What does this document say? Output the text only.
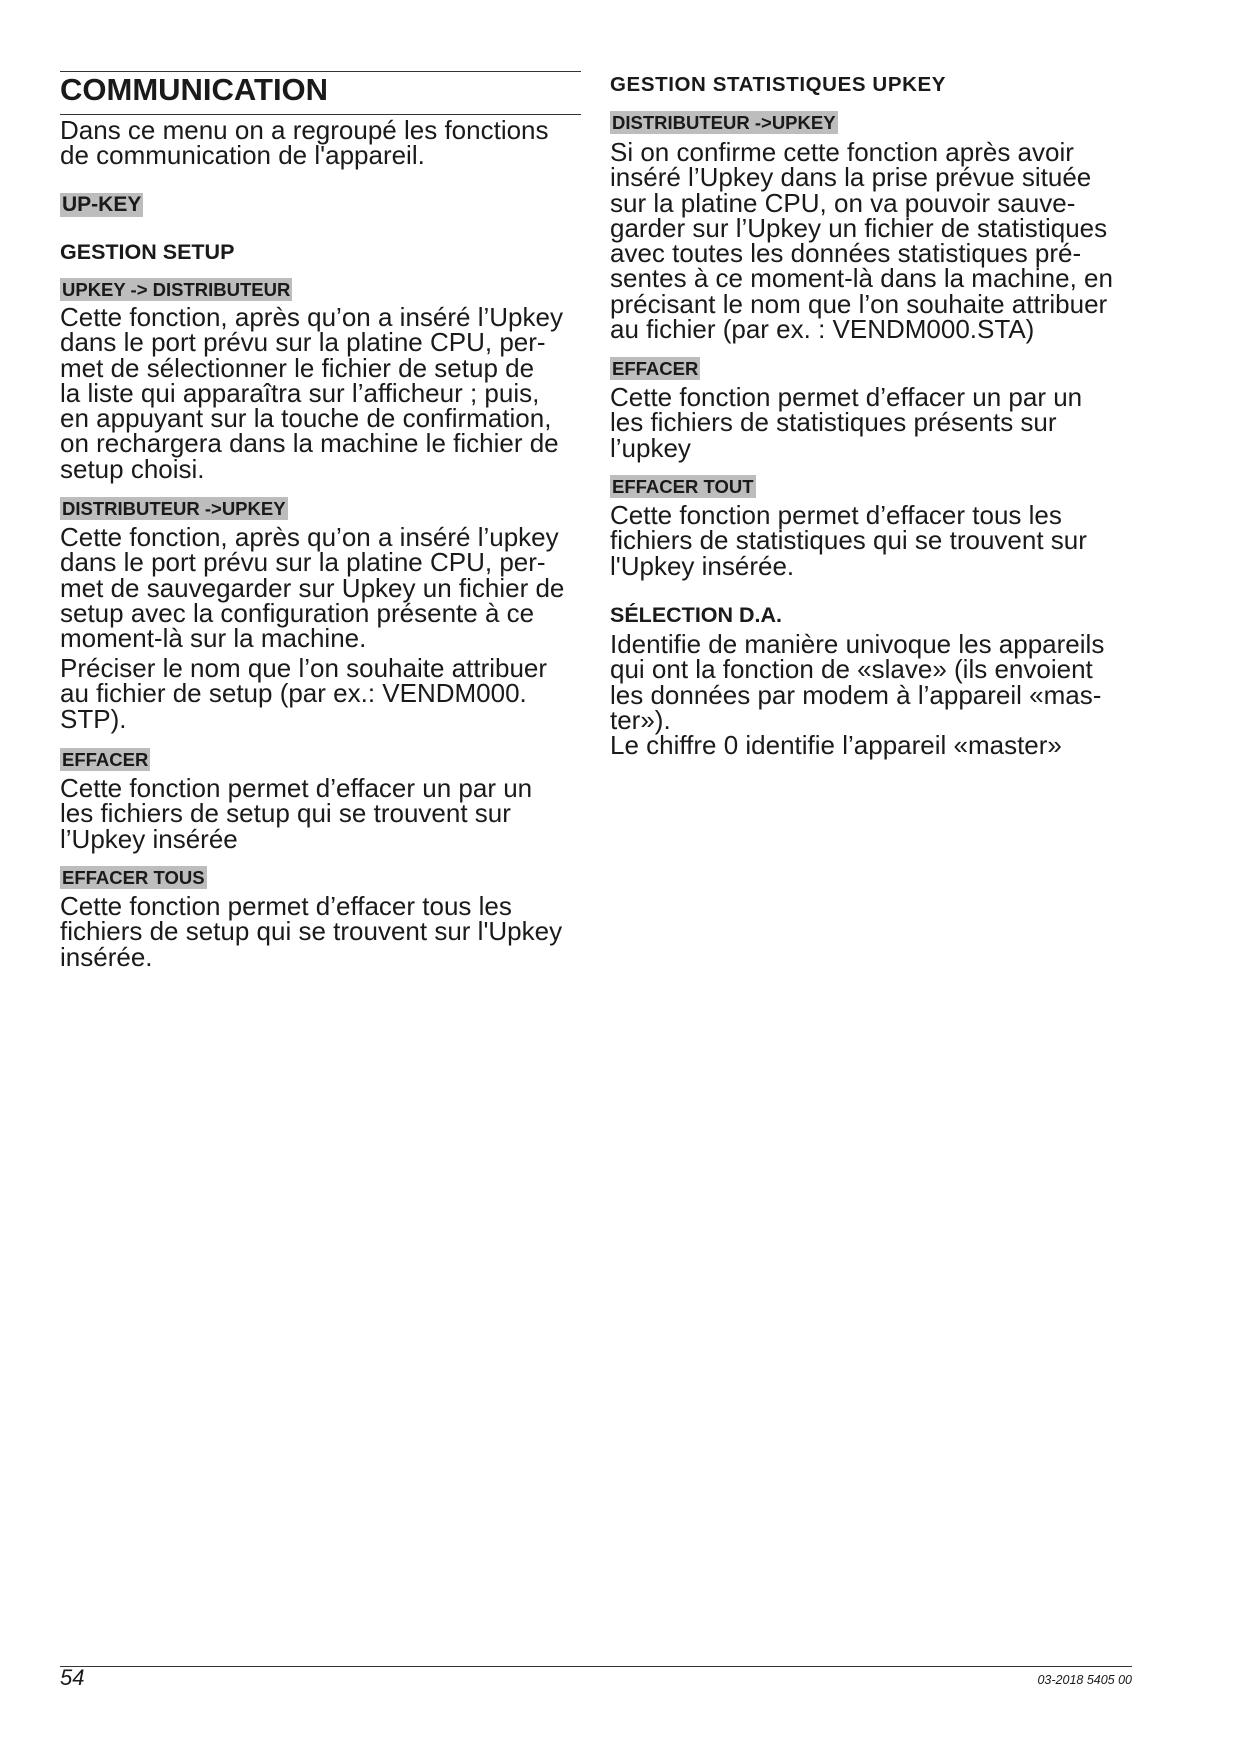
COMMUNICATION
Dans ce menu on a regroupé les fonctions
de communication de l'appareil.
UP-KEY
GESTION SETUP
UPKEY -> DISTRIBUTEUR
Cette fonction, après qu’on a inséré l’Upkey
dans le port prévu sur la platine CPU, per-
met de sélectionner le fichier de setup de
la liste qui apparaîtra sur l’afficheur ; puis,
en appuyant sur la touche de confirmation,
on rechargera dans la machine le fichier de
setup choisi.
DISTRIBUTEUR ->UPKEY
Cette fonction, après qu’on a inséré l’upkey
dans le port prévu sur la platine CPU, per-
met de sauvegarder sur Upkey un fichier de
setup avec la configuration présente à ce
moment-là sur la machine.
Préciser le nom que l’on souhaite attribuer
au fichier de setup (par ex.: VENDM000.
STP).
EFFACER
Cette fonction permet d’effacer un par un
les fichiers de setup qui se trouvent sur
l’Upkey insérée
EFFACER TOUS
Cette fonction permet d’effacer tous les
fichiers de setup qui se trouvent sur l'Upkey
insérée.
GESTION STATISTIQUES UPKEY
DISTRIBUTEUR ->UPKEY
Si on confirme cette fonction après avoir
inséré l’Upkey dans la prise prévue située
sur la platine CPU, on va pouvoir sauve-
garder sur l’Upkey un fichier de statistiques
avec toutes les données statistiques pré-
sentes à ce moment-là dans la machine, en
précisant le nom que l’on souhaite attribuer
au fichier (par ex. : VENDM000.STA)
EFFACER
Cette fonction permet d’effacer un par un
les fichiers de statistiques présents sur
l’upkey
EFFACER TOUT
Cette fonction permet d’effacer tous les
fichiers de statistiques qui se trouvent sur
l'Upkey insérée.
SÉLECTION D.A.
Identifie de manière univoque les appareils
qui ont la fonction de «slave» (ils envoient
les données par modem à l’appareil «mas-
ter»).
Le chiffre 0 identifie l’appareil «master»
54	03-2018 5405 00
